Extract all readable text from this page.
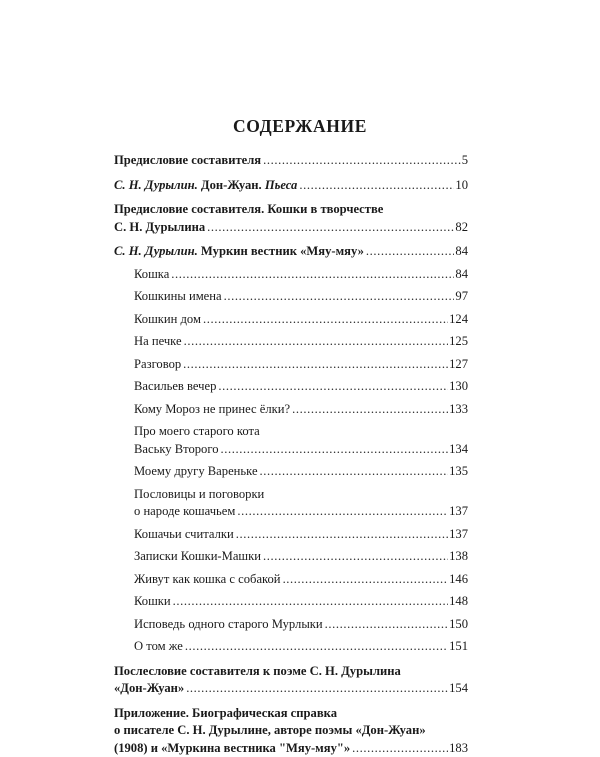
СОДЕРЖАНИЕ
Предисловие составителя .....	5
С. Н. Дурылин. Дон-Жуан. Пьеса .....	10
Предисловие составителя. Кошки в творчестве
С. Н. Дурылина .....	82
С. Н. Дурылин. Муркин вестник «Мяу-мяу» .....	84
Кошка .....	84
Кошкины имена .....	97
Кошкин дом .....	124
На печке .....	125
Разговор .....	127
Васильев вечер .....	130
Кому Мороз не принес ёлки? .....	133
Про моего старого кота
Ваську Второго .....	134
Моему другу Вареньке .....	135
Пословицы и поговорки
о народе кошачьем .....	137
Кошачьи считалки .....	137
Записки Кошки-Машки .....	138
Живут как кошка с собакой .....	146
Кошки .....	148
Исповедь одного старого Мурлыки .....	150
О том же .....	151
Послесловие составителя к поэме С. Н. Дурылина
«Дон-Жуан» .....	154
Приложение. Биографическая справка
о писателе С. Н. Дурылине, авторе поэмы «Дон-Жуан»
(1908) и «Муркина вестника "Мяу-мяу"» .....	183
